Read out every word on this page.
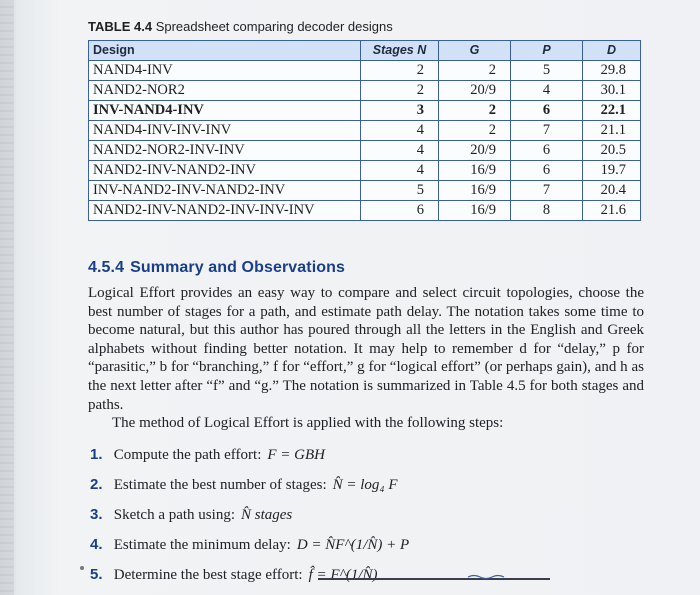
TABLE 4.4 Spreadsheet comparing decoder designs
Design	Stages N	G	P	D
NAND4-INV	2	2	5	29.8
NAND2-NOR2	2	20/9	4	30.1
INV-NAND4-INV	3	2	6	22.1
NAND4-INV-INV-INV	4	2	7	21.1
NAND2-NOR2-INV-INV	4	20/9	6	20.5
NAND2-INV-NAND2-INV	4	16/9	6	19.7
INV-NAND2-INV-NAND2-INV	5	16/9	7	20.4
NAND2-INV-NAND2-INV-INV-INV	6	16/9	8	21.6
4.5.4 Summary and Observations
Logical Effort provides an easy way to compare and select circuit topologies, choose the best number of stages for a path, and estimate path delay. The notation takes some time to become natural, but this author has poured through all the letters in the English and Greek alphabets without finding better notation. It may help to remember d for “delay,” p for “parasitic,” b for “branching,” f for “effort,” g for “logical effort” (or perhaps gain), and h as the next letter after “f” and “g.” The notation is summarized in Table 4.5 for both stages and paths.
The method of Logical Effort is applied with the following steps:
1. Compute the path effort: F = GBH
2. Estimate the best number of stages: N̂ = log₄ F
3. Sketch a path using: N̂ stages
4. Estimate the minimum delay: D = N̂F^(1/N̂) + P
5. Determine the best stage effort: f̂ = F^(1/N̂)
